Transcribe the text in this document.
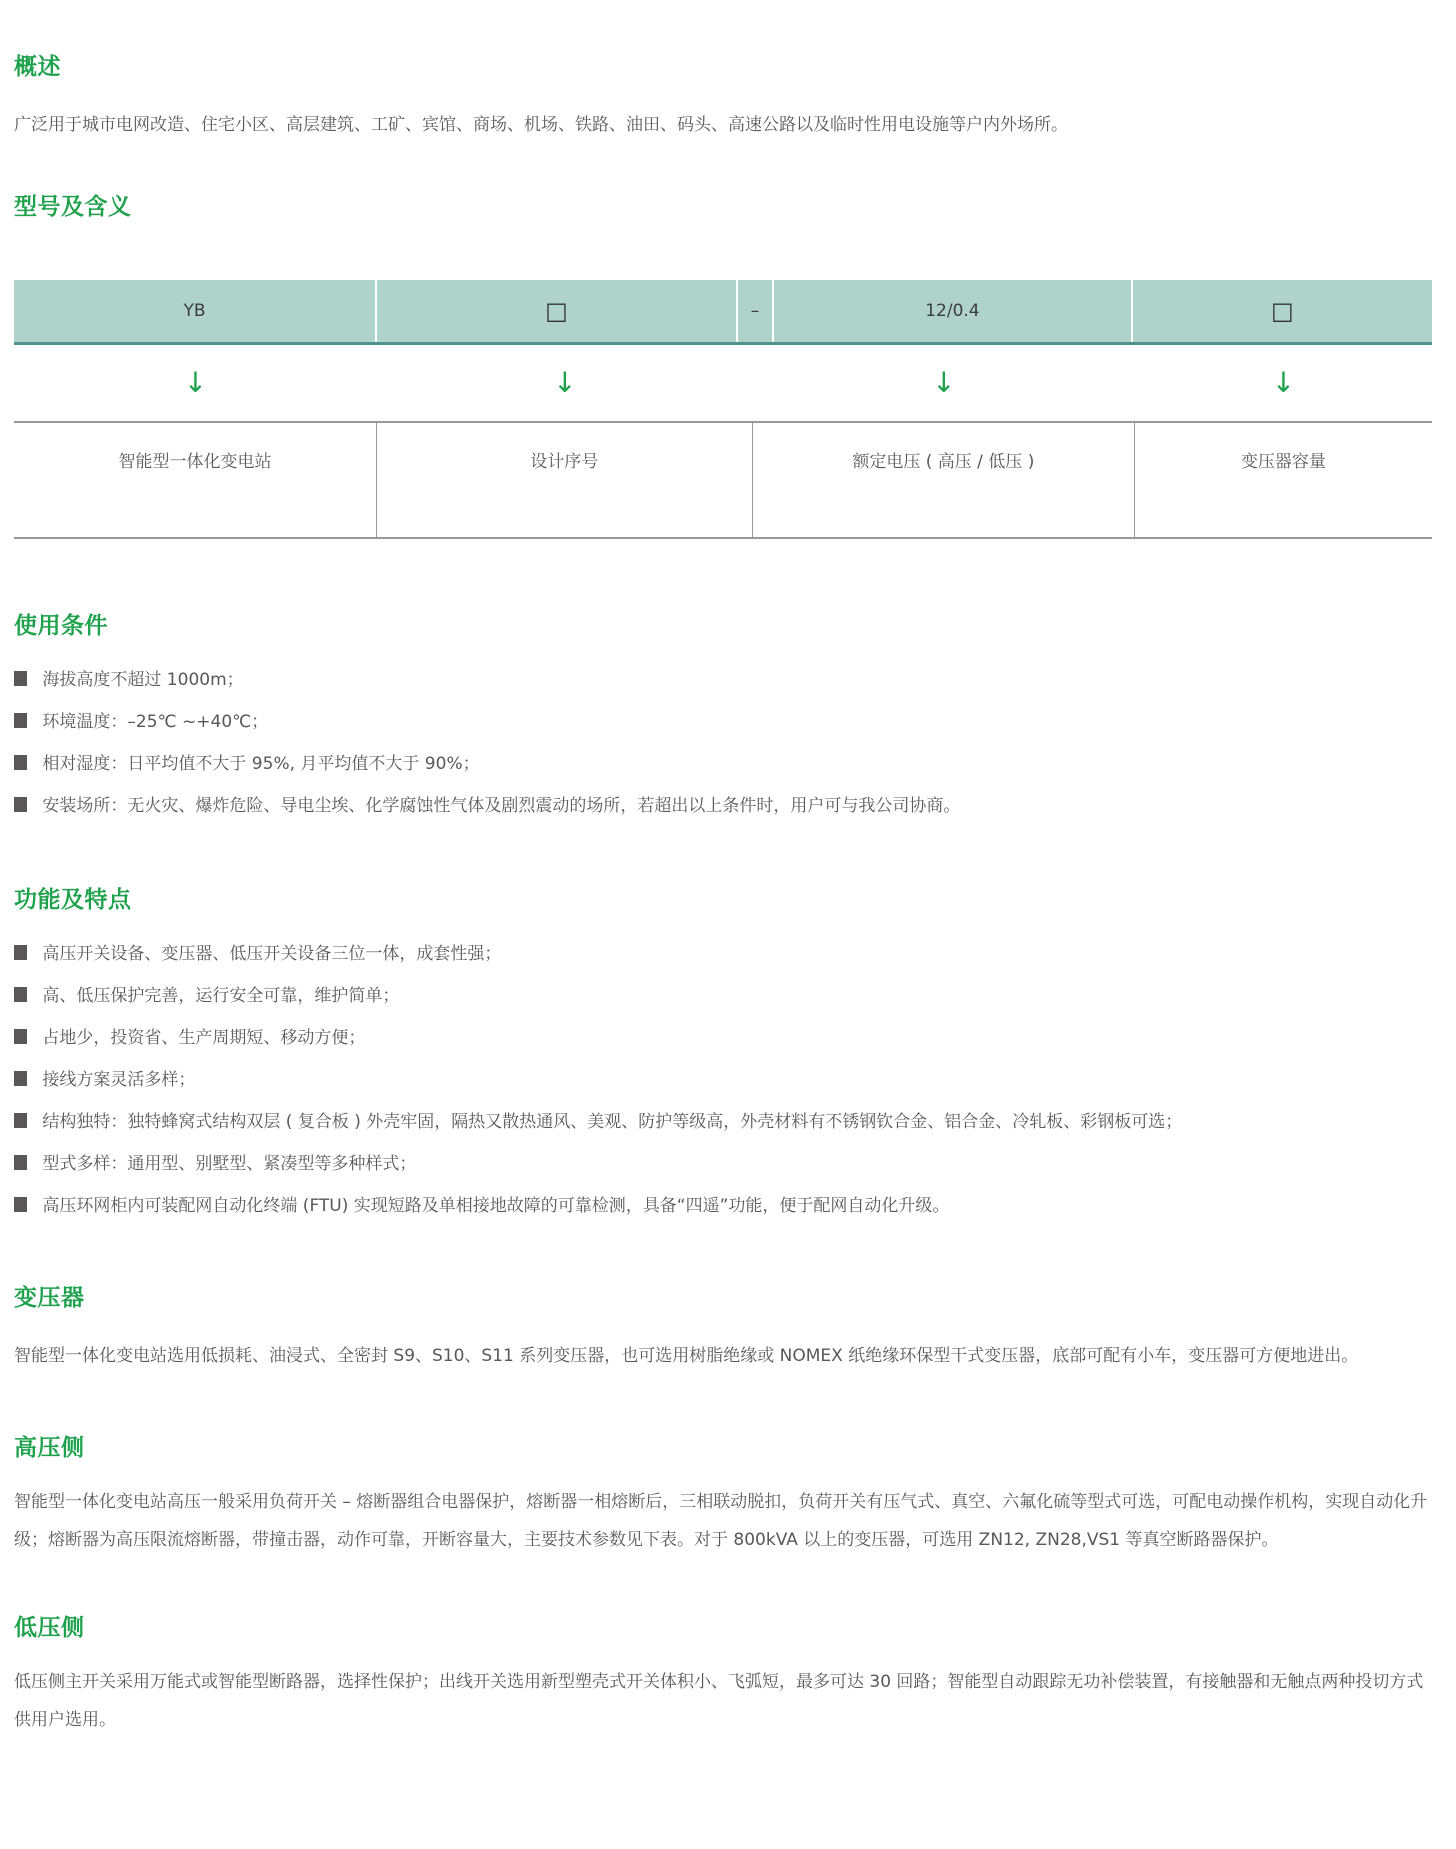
概述

广泛用于城市电网改造、住宅小区、高层建筑、工矿、宾馆、商场、机场、铁路、油田、码头、高速公路以及临时性用电设施等户内外场所。

型号及含义
YB	□	–	12/0.4	□
↓	↓	↓	↓
智能型一体化变电站	设计序号	额定电压 ( 高压 / 低压 )	变压器容量
使用条件
海拔高度不超过 1000m；
环境温度：–25℃ ~+40℃；
相对湿度：日平均值不大于 95%, 月平均值不大于 90%；
安装场所：无火灾、爆炸危险、导电尘埃、化学腐蚀性气体及剧烈震动的场所，若超出以上条件时，用户可与我公司协商。
功能及特点
高压开关设备、变压器、低压开关设备三位一体，成套性强；
高、低压保护完善，运行安全可靠，维护简单；
占地少，投资省、生产周期短、移动方便；
接线方案灵活多样；
结构独特：独特蜂窝式结构双层 ( 复合板 ) 外壳牢固，隔热又散热通风、美观、防护等级高，外壳材料有不锈钢钦合金、铝合金、冷轧板、彩钢板可选；
型式多样：通用型、别墅型、紧凑型等多种样式；
高压环网柜内可装配网自动化终端 (FTU) 实现短路及单相接地故障的可靠检测，具备“四遥”功能，便于配网自动化升级。
变压器

智能型一体化变电站选用低损耗、油浸式、全密封 S9、S10、S11 系列变压器，也可选用树脂绝缘或 NOMEX 纸绝缘环保型干式变压器，底部可配有小车，变压器可方便地进出。

高压侧

智能型一体化变电站高压一般采用负荷开关 – 熔断器组合电器保护，熔断器一相熔断后，三相联动脱扣，负荷开关有压气式、真空、六氟化硫等型式可选，可配电动操作机构，实现自动化升级；熔断器为高压限流熔断器，带撞击器，动作可靠，开断容量大，主要技术参数见下表。对于 800kVA 以上的变压器，可选用 ZN12, ZN28,VS1 等真空断路器保护。

低压侧

低压侧主开关采用万能式或智能型断路器，选择性保护；出线开关选用新型塑壳式开关体积小、飞弧短，最多可达 30 回路；智能型自动跟踪无功补偿装置，有接触器和无触点两种投切方式供用户选用。
